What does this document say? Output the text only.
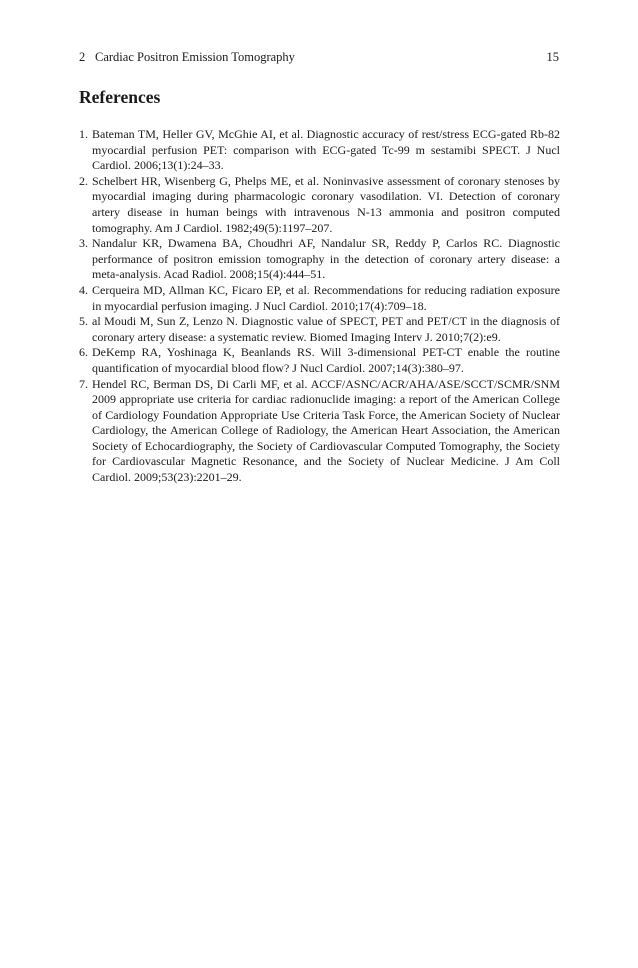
2 Cardiac Positron Emission Tomography	15
References
1. Bateman TM, Heller GV, McGhie AI, et al. Diagnostic accuracy of rest/stress ECG-gated Rb-82 myocardial perfusion PET: comparison with ECG-gated Tc-99 m sestamibi SPECT. J Nucl Cardiol. 2006;13(1):24–33.
2. Schelbert HR, Wisenberg G, Phelps ME, et al. Noninvasive assessment of coronary stenoses by myocardial imaging during pharmacologic coronary vasodilation. VI. Detection of coronary artery disease in human beings with intravenous N-13 ammonia and positron computed tomography. Am J Cardiol. 1982;49(5):1197–207.
3. Nandalur KR, Dwamena BA, Choudhri AF, Nandalur SR, Reddy P, Carlos RC. Diagnostic performance of positron emission tomography in the detection of coronary artery disease: a meta-analysis. Acad Radiol. 2008;15(4):444–51.
4. Cerqueira MD, Allman KC, Ficaro EP, et al. Recommendations for reducing radiation exposure in myocardial perfusion imaging. J Nucl Cardiol. 2010;17(4):709–18.
5. al Moudi M, Sun Z, Lenzo N. Diagnostic value of SPECT, PET and PET/CT in the diagnosis of coronary artery disease: a systematic review. Biomed Imaging Interv J. 2010;7(2):e9.
6. DeKemp RA, Yoshinaga K, Beanlands RS. Will 3-dimensional PET-CT enable the routine quantification of myocardial blood flow? J Nucl Cardiol. 2007;14(3):380–97.
7. Hendel RC, Berman DS, Di Carli MF, et al. ACCF/ASNC/ACR/AHA/ASE/SCCT/SCMR/SNM 2009 appropriate use criteria for cardiac radionuclide imaging: a report of the American College of Cardiology Foundation Appropriate Use Criteria Task Force, the American Society of Nuclear Cardiology, the American College of Radiology, the American Heart Association, the American Society of Echocardiography, the Society of Cardiovascular Computed Tomography, the Society for Cardiovascular Magnetic Resonance, and the Society of Nuclear Medicine. J Am Coll Cardiol. 2009;53(23):2201–29.
